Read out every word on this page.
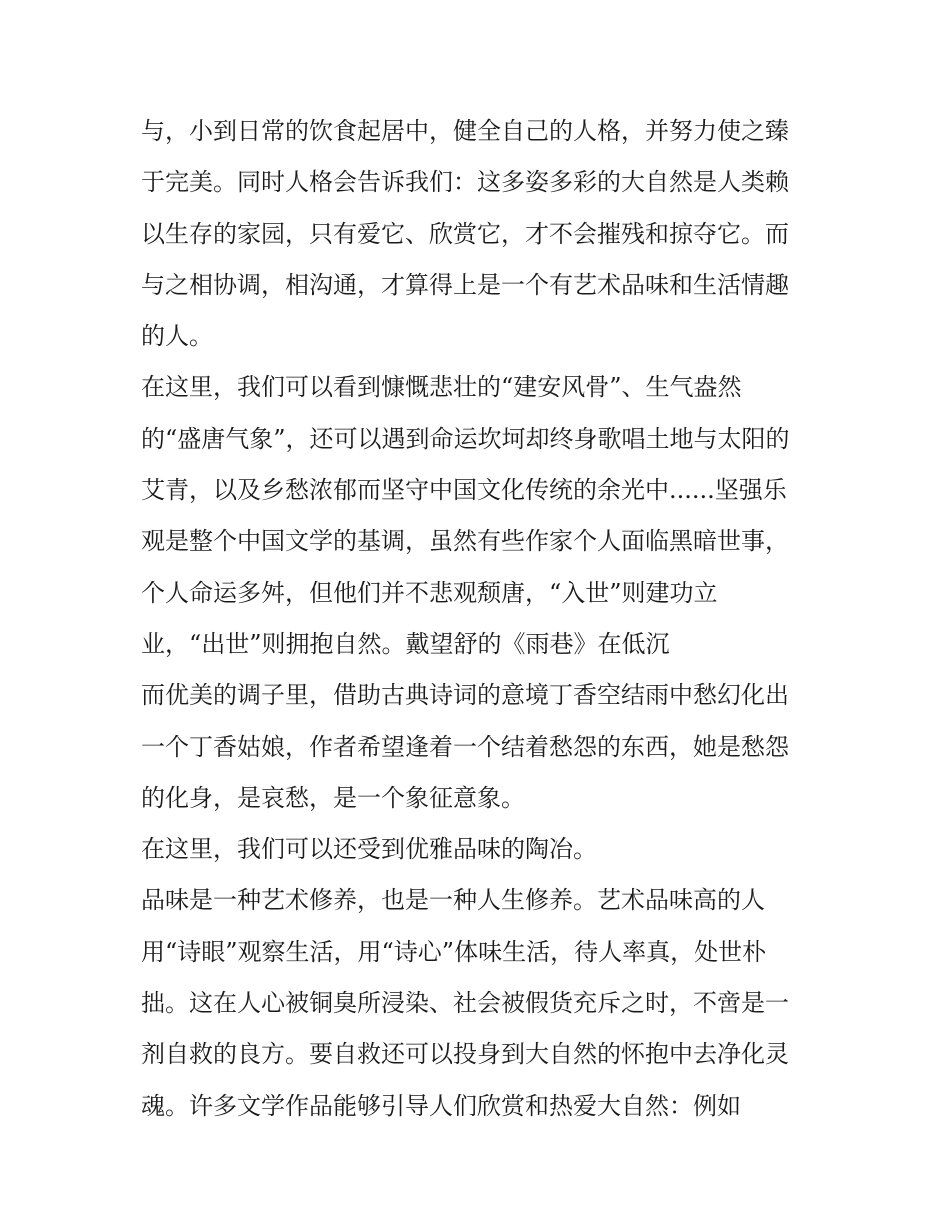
与，小到日常的饮食起居中，健全自己的人格，并努力使之臻
于完美。同时人格会告诉我们：这多姿多彩的大自然是人类赖
以生存的家园，只有爱它、欣赏它，才不会摧残和掠夺它。而
与之相协调，相沟通，才算得上是一个有艺术品味和生活情趣
的人。
在这里，我们可以看到慷慨悲壮的“建安风骨”、生气盎然
的“盛唐气象”，还可以遇到命运坎坷却终身歌唱土地与太阳的
艾青，以及乡愁浓郁而坚守中国文化传统的余光中......坚强乐
观是整个中国文学的基调，虽然有些作家个人面临黑暗世事，
个人命运多舛，但他们并不悲观颓唐，“入世”则建功立
业，“出世”则拥抱自然。戴望舒的《雨巷》在低沉
而优美的调子里，借助古典诗词的意境丁香空结雨中愁幻化出
一个丁香姑娘，作者希望逢着一个结着愁怨的东西，她是愁怨
的化身，是哀愁，是一个象征意象。
在这里，我们可以还受到优雅品味的陶冶。
品味是一种艺术修养，也是一种人生修养。艺术品味高的人
用“诗眼”观察生活，用“诗心”体味生活，待人率真，处世朴
拙。这在人心被铜臭所浸染、社会被假货充斥之时，不啻是一
剂自救的良方。要自救还可以投身到大自然的怀抱中去净化灵
魂。许多文学作品能够引导人们欣赏和热爱大自然：例如
